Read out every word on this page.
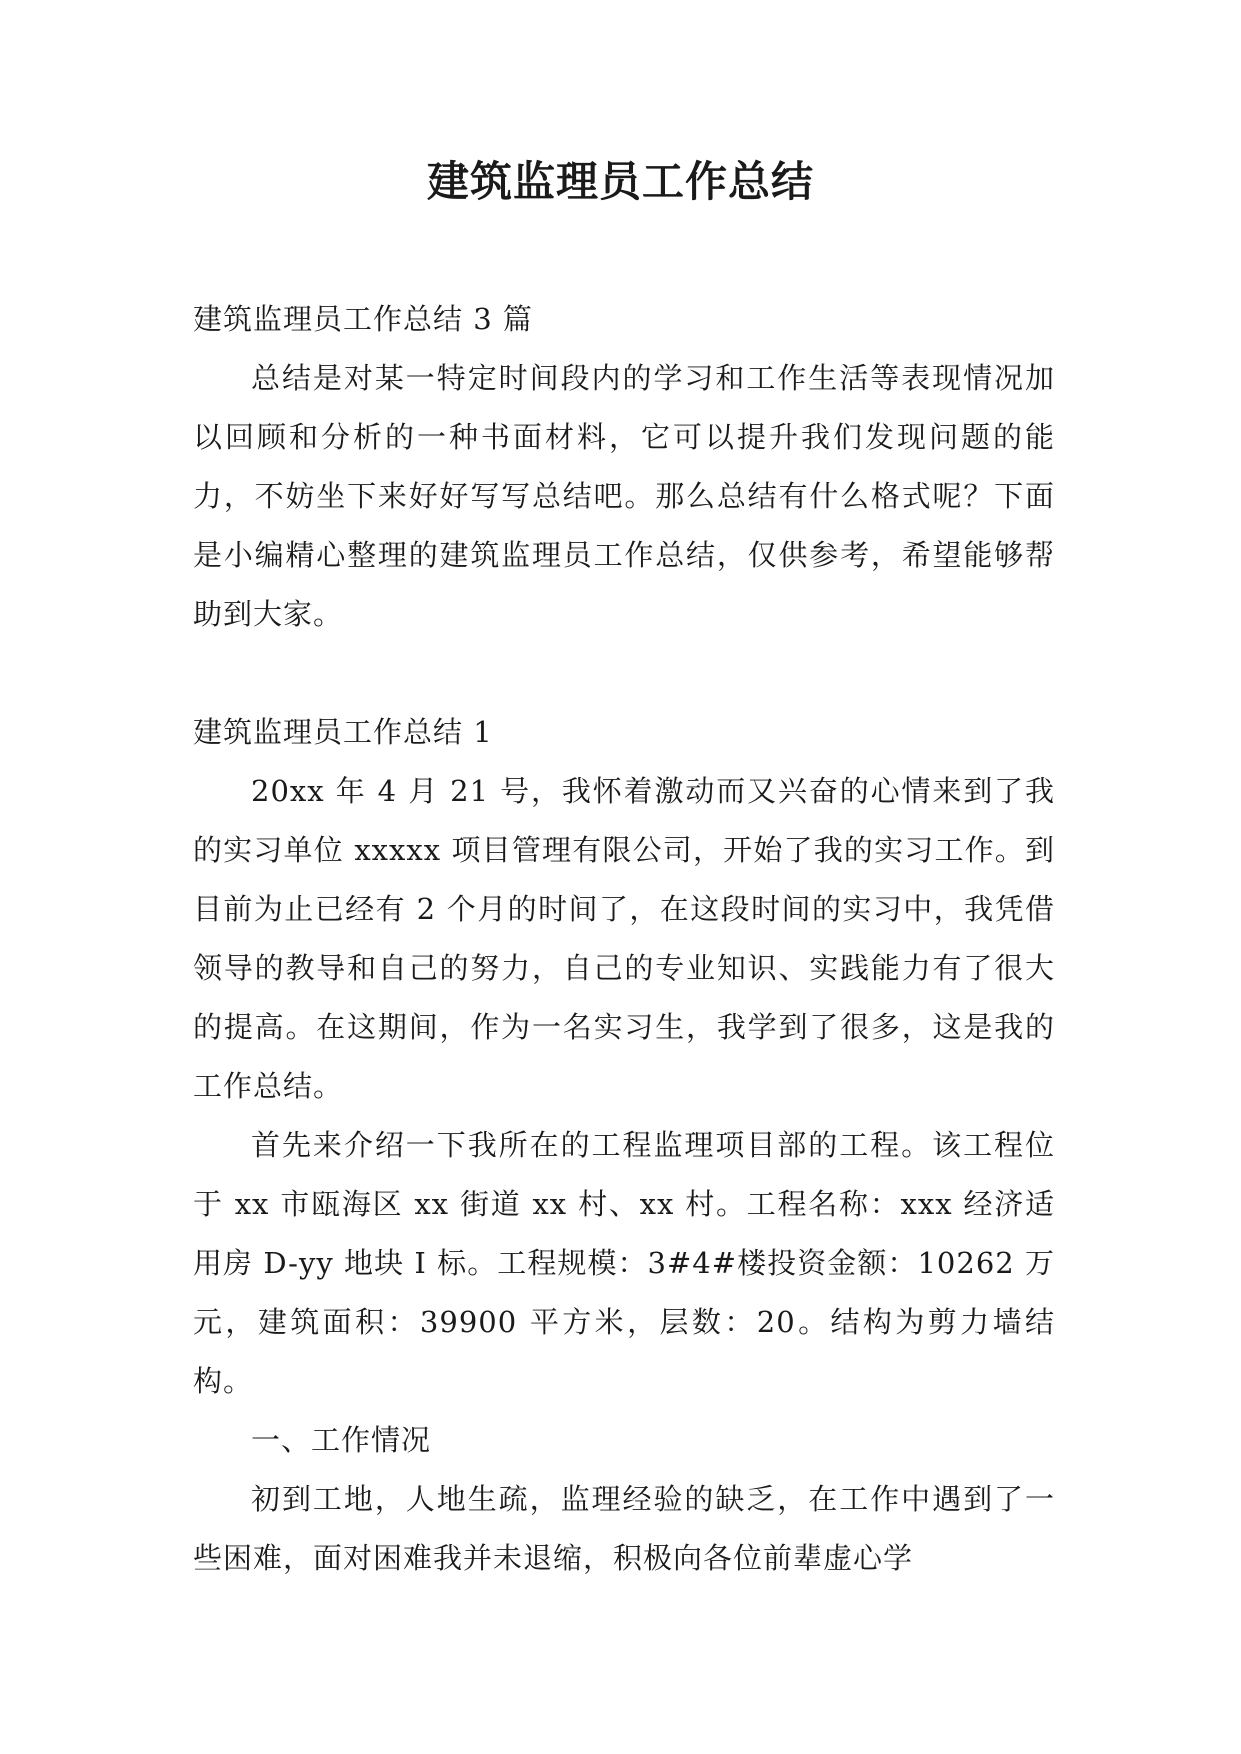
建筑监理员工作总结

建筑监理员工作总结 3 篇

总结是对某一特定时间段内的学习和工作生活等表现情况加以回顾和分析的一种书面材料，它可以提升我们发现问题的能力，不妨坐下来好好写写总结吧。那么总结有什么格式呢？下面是小编精心整理的建筑监理员工作总结，仅供参考，希望能够帮助到大家。

建筑监理员工作总结 1

20xx 年 4 月 21 号，我怀着激动而又兴奋的心情来到了我的实习单位 xxxxx 项目管理有限公司，开始了我的实习工作。到目前为止已经有 2 个月的时间了，在这段时间的实习中，我凭借领导的教导和自己的努力，自己的专业知识、实践能力有了很大的提高。在这期间，作为一名实习生，我学到了很多，这是我的工作总结。

首先来介绍一下我所在的工程监理项目部的工程。该工程位于 xx 市瓯海区 xx 街道 xx 村、xx 村。工程名称：xxx 经济适用房 D-yy 地块 I 标。工程规模：3#4#楼投资金额：10262 万元，建筑面积：39900 平方米，层数：20。结构为剪力墙结构。

一、工作情况

初到工地，人地生疏，监理经验的缺乏，在工作中遇到了一些困难，面对困难我并未退缩，积极向各位前辈虚心学
